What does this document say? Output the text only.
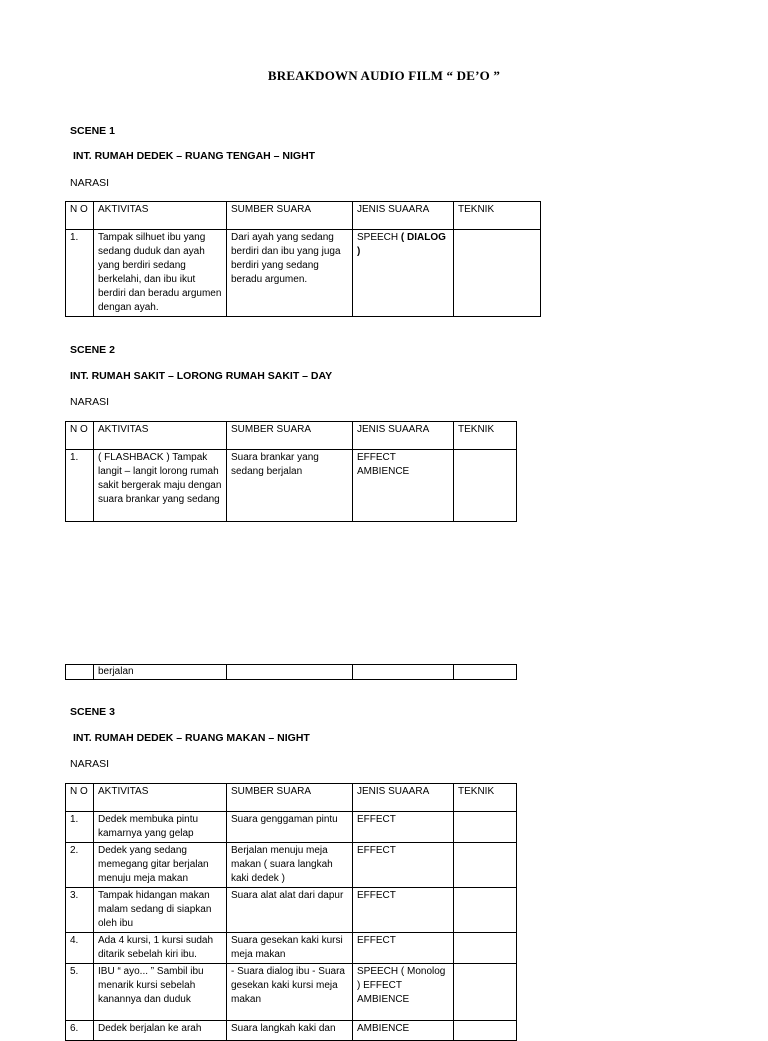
BREAKDOWN AUDIO FILM “ DE’O ”
SCENE 1
INT. RUMAH DEDEK – RUANG TENGAH – NIGHT
NARASI
N O	AKTIVITAS	SUMBER SUARA	JENIS SUAARA	TEKNIK
1.	Tampak silhuet ibu yang sedang duduk dan ayah yang berdiri sedang berkelahi, dan ibu ikut berdiri dan beradu argumen dengan ayah.	Dari ayah yang sedang berdiri dan ibu yang juga berdiri yang sedang beradu argumen.	SPEECH ( DIALOG )	
SCENE 2
INT. RUMAH SAKIT – LORONG RUMAH SAKIT – DAY
NARASI
N O	AKTIVITAS	SUMBER SUARA	JENIS SUAARA	TEKNIK
1.	( FLASHBACK ) Tampak langit – langit lorong rumah sakit bergerak maju dengan suara brankar yang sedang	Suara brankar yang sedang berjalan	EFFECT AMBIENCE	
	berjalan			
SCENE 3
INT. RUMAH DEDEK – RUANG MAKAN – NIGHT
NARASI
N O	AKTIVITAS	SUMBER SUARA	JENIS SUAARA	TEKNIK
1.	Dedek membuka pintu kamarnya yang gelap	Suara genggaman pintu	EFFECT	
2.	Dedek yang sedang memegang gitar berjalan menuju meja makan	Berjalan menuju meja makan ( suara langkah kaki dedek )	EFFECT	
3.	Tampak hidangan makan malam sedang di siapkan oleh ibu	Suara alat alat dari dapur	EFFECT	
4.	Ada 4 kursi, 1 kursi sudah ditarik sebelah kiri ibu.	Suara gesekan kaki kursi meja makan	EFFECT	
5.	IBU “ ayo... ” Sambil ibu menarik kursi sebelah kanannya dan duduk	- Suara dialog ibu - Suara gesekan kaki kursi meja makan	SPEECH ( Monolog ) EFFECT AMBIENCE	
6.	Dedek berjalan ke arah	Suara langkah kaki dan	AMBIENCE	
